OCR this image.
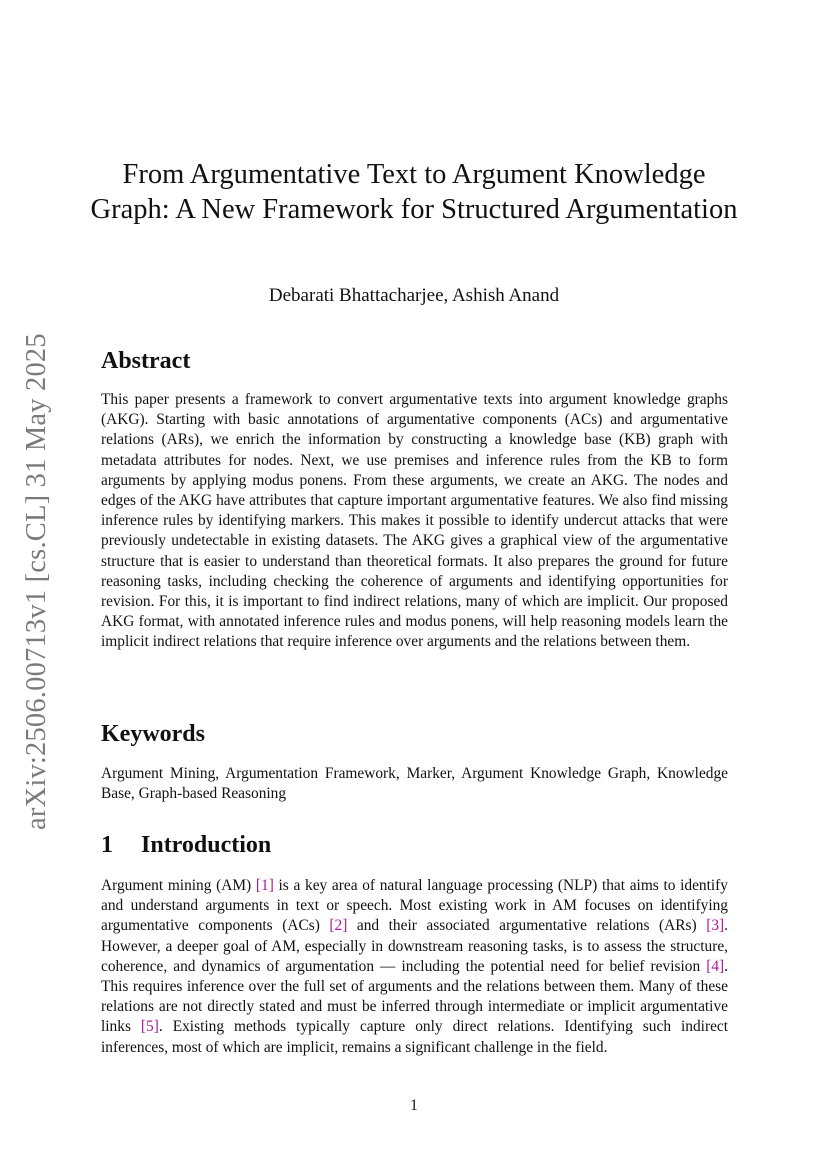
arXiv:2506.00713v1 [cs.CL] 31 May 2025
From Argumentative Text to Argument Knowledge Graph: A New Framework for Structured Argumentation
Debarati Bhattacharjee, Ashish Anand
Abstract

This paper presents a framework to convert argumentative texts into argument knowledge graphs (AKG). Starting with basic annotations of argumentative components (ACs) and argumentative relations (ARs), we enrich the information by constructing a knowledge base (KB) graph with metadata attributes for nodes. Next, we use premises and inference rules from the KB to form arguments by applying modus ponens. From these arguments, we create an AKG. The nodes and edges of the AKG have attributes that capture important argumentative features. We also find missing inference rules by identifying markers. This makes it possible to identify undercut attacks that were previously undetectable in existing datasets. The AKG gives a graphical view of the argumentative structure that is easier to understand than theoretical formats. It also prepares the ground for future reasoning tasks, including checking the coherence of arguments and identifying opportunities for revision. For this, it is important to find indirect relations, many of which are implicit. Our proposed AKG format, with annotated inference rules and modus ponens, will help reasoning models learn the implicit indirect relations that require inference over arguments and the relations between them.

Keywords

Argument Mining, Argumentation Framework, Marker, Argument Knowledge Graph, Knowledge Base, Graph-based Reasoning

1 Introduction

Argument mining (AM) [1] is a key area of natural language processing (NLP) that aims to identify and understand arguments in text or speech. Most existing work in AM focuses on identifying argumentative components (ACs) [2] and their associated argumentative relations (ARs) [3]. However, a deeper goal of AM, especially in downstream reasoning tasks, is to assess the structure, coherence, and dynamics of argumentation — including the potential need for belief revision [4]. This requires inference over the full set of arguments and the relations between them. Many of these relations are not directly stated and must be inferred through intermediate or implicit argumentative links [5]. Existing methods typically capture only direct relations. Identifying such indirect inferences, most of which are implicit, remains a significant challenge in the field.

1
